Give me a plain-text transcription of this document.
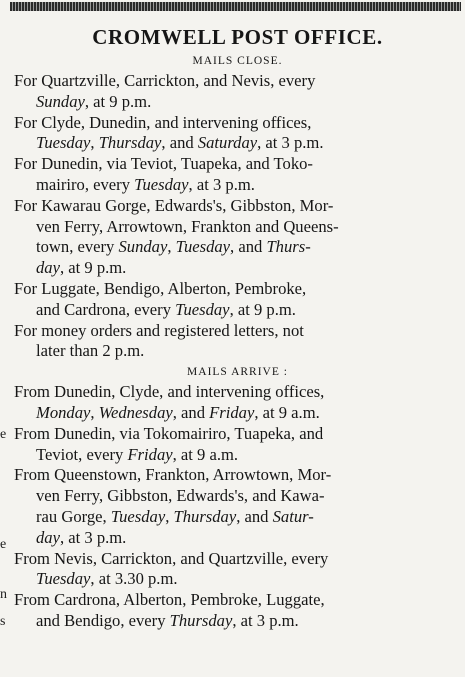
e
e
n
s
CROMWELL POST OFFICE.
MAILS CLOSE.

For Quartzville, Carrickton, and Nevis, every

Sunday, at 9 p.m.

For Clyde, Dunedin, and intervening offices,

Tuesday, Thursday, and Saturday, at 3 p.m.

For Dunedin, via Teviot, Tuapeka, and Toko-

mairiro, every Tuesday, at 3 p.m.

For Kawarau Gorge, Edwards's, Gibbston, Mor-

ven Ferry, Arrowtown, Frankton and Queens-

town, every Sunday, Tuesday, and Thurs-

day, at 9 p.m.

For Luggate, Bendigo, Alberton, Pembroke,

and Cardrona, every Tuesday, at 9 p.m.

For money orders and registered letters, not

later than 2 p.m.

MAILS ARRIVE :

From Dunedin, Clyde, and intervening offices,

Monday, Wednesday, and Friday, at 9 a.m.

From Dunedin, via Tokomairiro, Tuapeka, and

Teviot, every Friday, at 9 a.m.

From Queenstown, Frankton, Arrowtown, Mor-

ven Ferry, Gibbston, Edwards's, and Kawa-

rau Gorge, Tuesday, Thursday, and Satur-

day, at 3 p.m.

From Nevis, Carrickton, and Quartzville, every

Tuesday, at 3.30 p.m.

From Cardrona, Alberton, Pembroke, Luggate,

and Bendigo, every Thursday, at 3 p.m.
